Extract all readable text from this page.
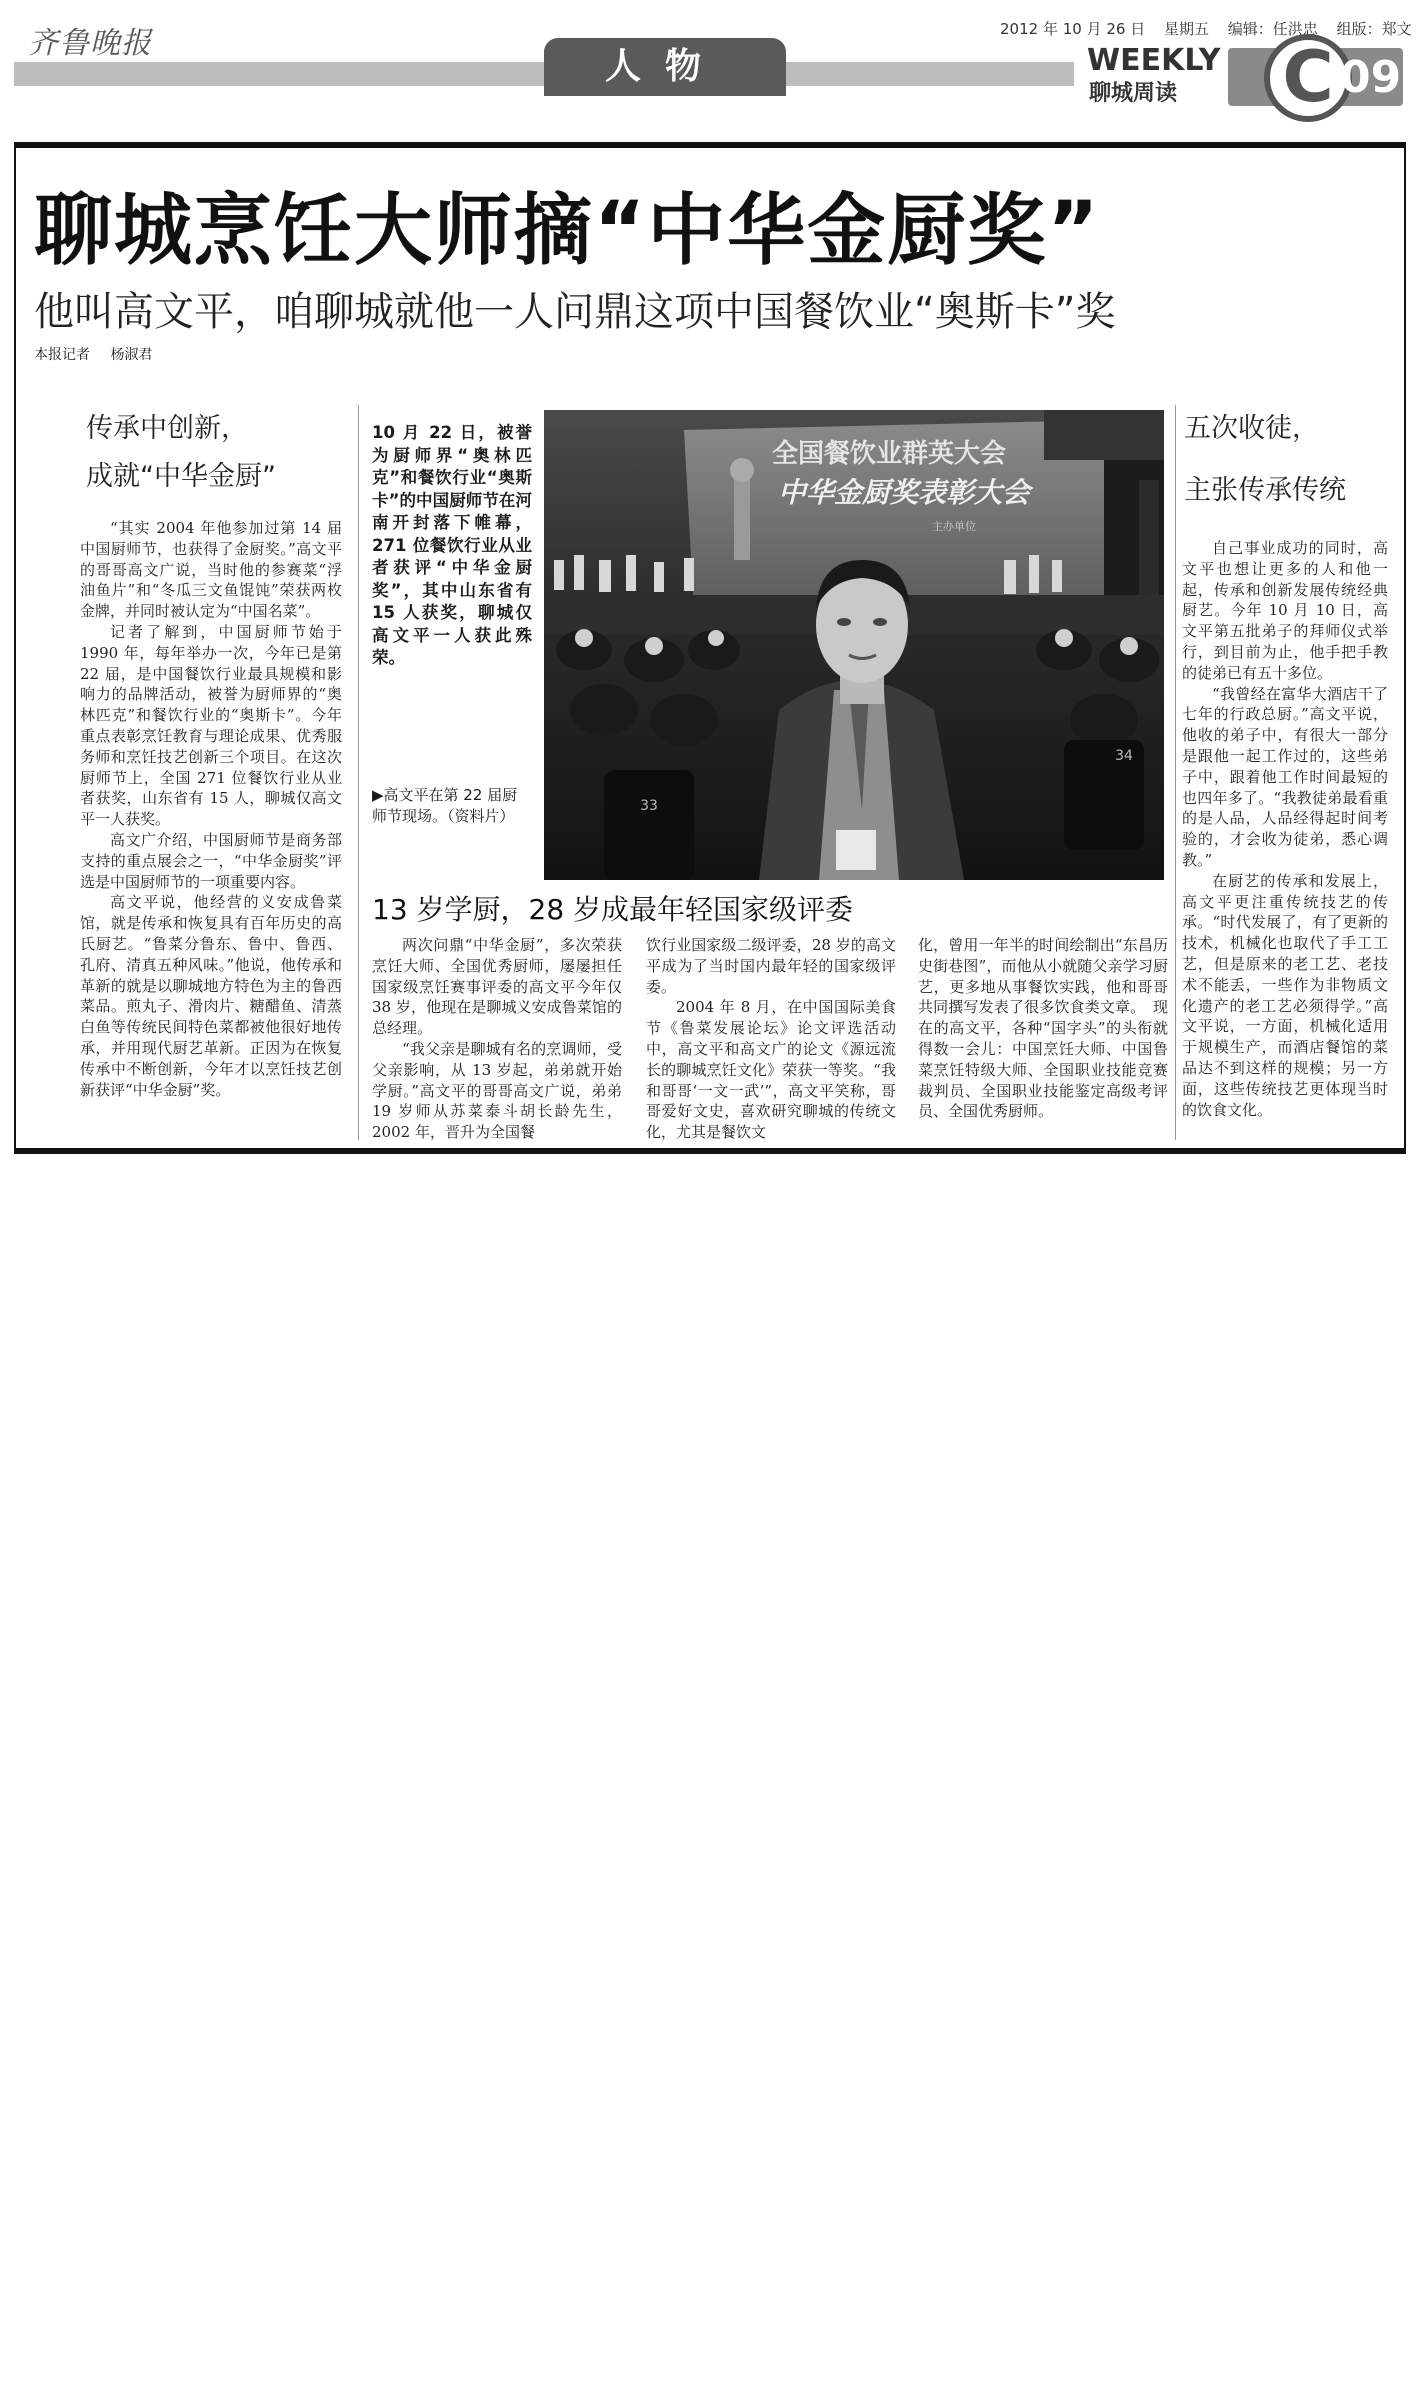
齐鲁晚报	2012 年 10 月 26 日 星期五 编辑：任洪忠 组版：郑文
人物	WEEKLY
聊城周读 C 09
聊城烹饪大师摘“中华金厨奖”
他叫高文平，咱聊城就他一人问鼎这项中国餐饮业“奥斯卡”奖
本报记者 杨淑君
传承中创新，
成就“中华金厨”

“其实 2004 年他参加过第 14 届中国厨师节，也获得了金厨奖。”高文平的哥哥高文广说，当时他的参赛菜“浮油鱼片”和“冬瓜三文鱼馄饨”荣获两枚金牌，并同时被认定为“中国名菜”。

记者了解到，中国厨师节始于 1990 年，每年举办一次，今年已是第 22 届，是中国餐饮行业最具规模和影响力的品牌活动，被誉为厨师界的“奥林匹克”和餐饮行业的“奥斯卡”。今年重点表彰烹饪教育与理论成果、优秀服务师和烹饪技艺创新三个项目。在这次厨师节上，全国 271 位餐饮行业从业者获奖，山东省有 15 人，聊城仅高文平一人获奖。

高文广介绍，中国厨师节是商务部支持的重点展会之一，“中华金厨奖”评选是中国厨师节的一项重要内容。

高文平说，他经营的义安成鲁菜馆，就是传承和恢复具有百年历史的高氏厨艺。“鲁菜分鲁东、鲁中、鲁西、孔府、清真五种风味。”他说，他传承和革新的就是以聊城地方特色为主的鲁西菜品。煎丸子、滑肉片、糖醋鱼、清蒸白鱼等传统民间特色菜都被他很好地传承，并用现代厨艺革新。正因为在恢复传承中不断创新，今年才以烹饪技艺创新获评“中华金厨”奖。

10 月 22 日，被誉为厨师界“奥林匹克”和餐饮行业“奥斯卡”的中国厨师节在河南开封落下帷幕，271 位餐饮行业从业者获评“中华金厨奖”，其中山东省有 15 人获奖，聊城仅高文平一人获此殊荣。
▶高文平在第 22 届厨师节现场。（资料片）
全国餐饮业群英大会
中华金厨奖表彰大会
主办单位
33
34
五次收徒，
主张传承传统

自己事业成功的同时，高文平也想让更多的人和他一起，传承和创新发展传统经典厨艺。今年 10 月 10 日，高文平第五批弟子的拜师仪式举行，到目前为止，他手把手教的徒弟已有五十多位。

“我曾经在富华大酒店干了七年的行政总厨。”高文平说，他收的弟子中，有很大一部分是跟他一起工作过的，这些弟子中，跟着他工作时间最短的也四年多了。“我教徒弟最看重的是人品，人品经得起时间考验的，才会收为徒弟，悉心调教。”

在厨艺的传承和发展上，高文平更注重传统技艺的传承。“时代发展了，有了更新的技术，机械化也取代了手工工艺，但是原来的老工艺、老技术不能丢，一些作为非物质文化遗产的老工艺必须得学。”高文平说，一方面，机械化适用于规模生产，而酒店餐馆的菜品达不到这样的规模；另一方面，这些传统技艺更体现当时的饮食文化。

13 岁学厨，28 岁成最年轻国家级评委

两次问鼎“中华金厨”，多次荣获烹饪大师、全国优秀厨师，屡屡担任国家级烹饪赛事评委的高文平今年仅 38 岁，他现在是聊城义安成鲁菜馆的总经理。

“我父亲是聊城有名的烹调师，受父亲影响，从 13 岁起，弟弟就开始学厨。”高文平的哥哥高文广说，弟弟 19 岁师从苏菜泰斗胡长龄先生，2002 年，晋升为全国餐

饮行业国家级二级评委，28 岁的高文平成为了当时国内最年轻的国家级评委。

2004 年 8 月，在中国国际美食节《鲁菜发展论坛》论文评选活动中，高文平和高文广的论文《源远流长的聊城烹饪文化》荣获一等奖。“我和哥哥‘一文一武’”，高文平笑称，哥哥爱好文史，喜欢研究聊城的传统文化，尤其是餐饮文

化，曾用一年半的时间绘制出“东昌历史街巷图”，而他从小就随父亲学习厨艺，更多地从事餐饮实践，他和哥哥共同撰写发表了很多饮食类文章。　现在的高文平，各种“国字头”的头衔就得数一会儿：中国烹饪大师、中国鲁菜烹饪特级大师、全国职业技能竞赛裁判员、全国职业技能鉴定高级考评员、全国优秀厨师。
